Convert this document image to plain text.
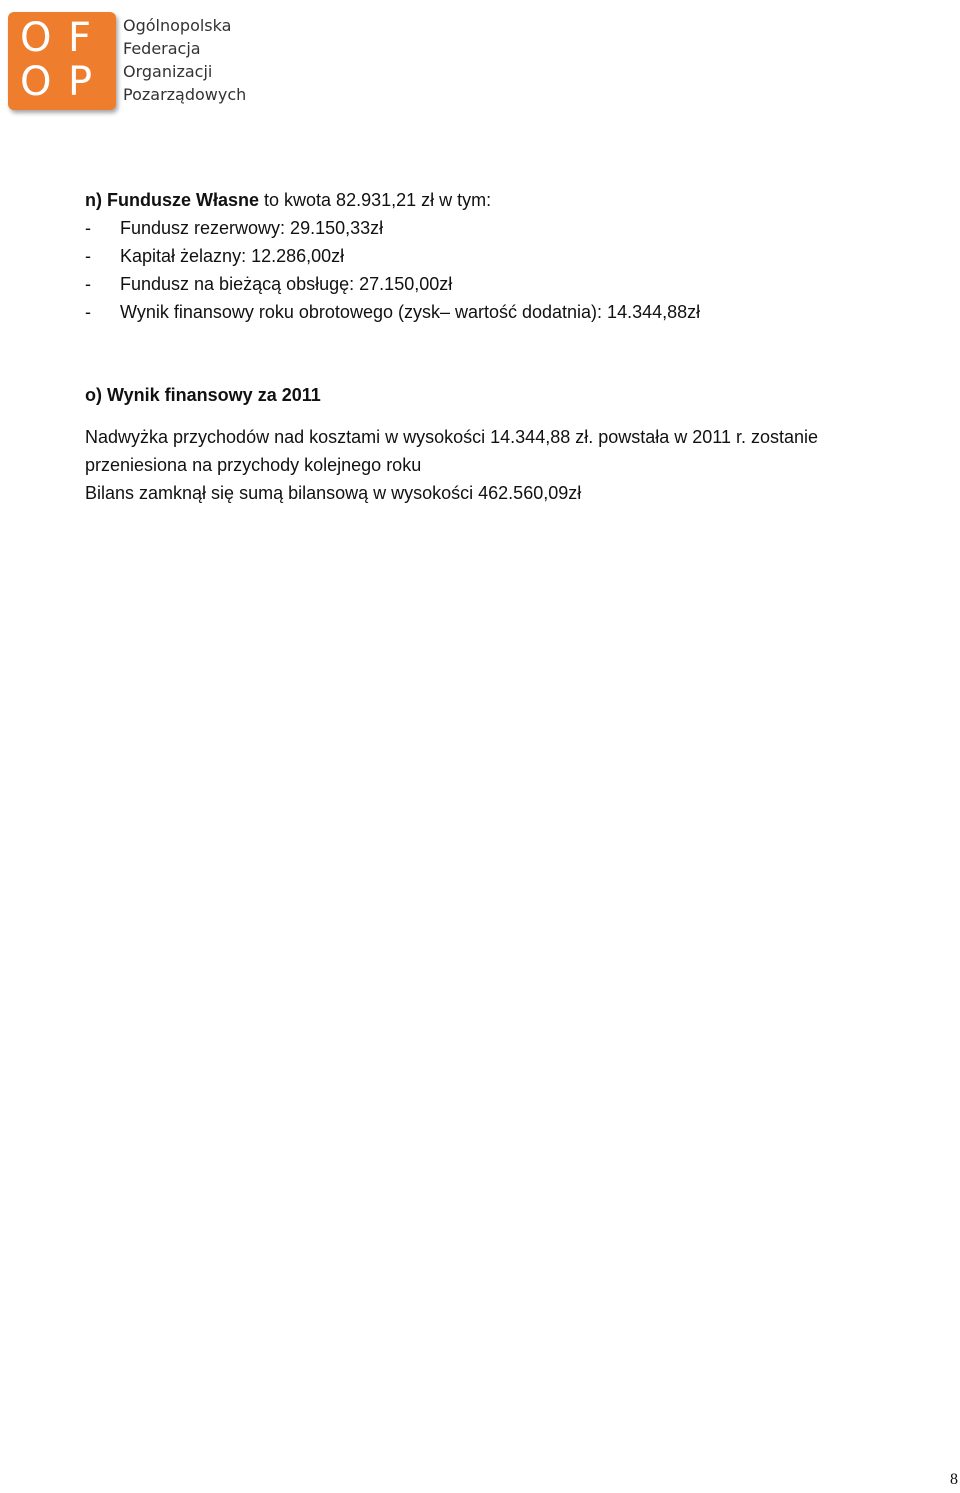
O F
O P
Ogólnopolska
Federacja
Organizacji
Pozarządowych
n) Fundusze Własne to kwota 82.931,21 zł w tym:
- Fundusz rezerwowy: 29.150,33zł
- Kapitał żelazny: 12.286,00zł
- Fundusz na bieżącą obsługę: 27.150,00zł
- Wynik finansowy roku obrotowego (zysk– wartość dodatnia): 14.344,88zł
o) Wynik finansowy za 2011
Nadwyżka przychodów nad kosztami w wysokości 14.344,88 zł. powstała w 2011 r. zostanie
przeniesiona na przychody kolejnego roku
Bilans zamknął się sumą bilansową w wysokości 462.560,09zł
8
